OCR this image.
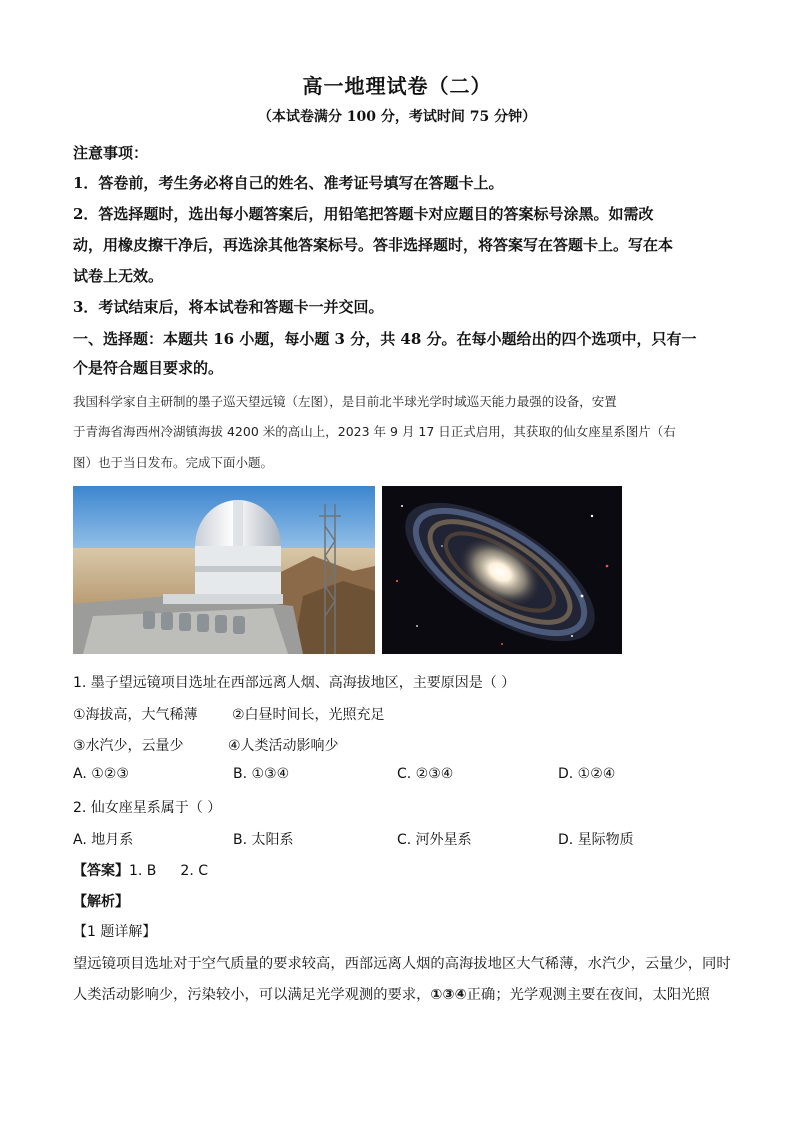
高一地理试卷（二）
（本试卷满分 100 分，考试时间 75 分钟）
注意事项：
1．答卷前，考生务必将自己的姓名、准考证号填写在答题卡上。
2．答选择题时，选出每小题答案后，用铅笔把答题卡对应题目的答案标号涂黑。如需改
动，用橡皮擦干净后，再选涂其他答案标号。答非选择题时，将答案写在答题卡上。写在本
试卷上无效。
3．考试结束后，将本试卷和答题卡一并交回。
一、选择题：本题共 16 小题，每小题 3 分，共 48 分。在每小题给出的四个选项中，只有一
个是符合题目要求的。
我国科学家自主研制的墨子巡天望远镜（左图），是目前北半球光学时域巡天能力最强的设备，安置
于青海省海西州冷湖镇海拔 4200 米的高山上，2023 年 9 月 17 日正式启用，其获取的仙女座星系图片（右
图）也于当日发布。完成下面小题。
1. 墨子望远镜项目选址在西部远离人烟、高海拔地区，主要原因是（ ）
①海拔高，大气稀薄 ②白昼时间长，光照充足
③水汽少，云量少	④人类活动影响少
A. ①②③	B. ①③④	C. ②③④	D. ①②④
2. 仙女座星系属于（ ）
A. 地月系	B. 太阳系	C. 河外星系	D. 星际物质
【答案】1. B 2. C
【解析】
【1 题详解】
望远镜项目选址对于空气质量的要求较高，西部远离人烟的高海拔地区大气稀薄，水汽少，云量少，同时
人类活动影响少，污染较小，可以满足光学观测的要求，①③④正确；光学观测主要在夜间，太阳光照
